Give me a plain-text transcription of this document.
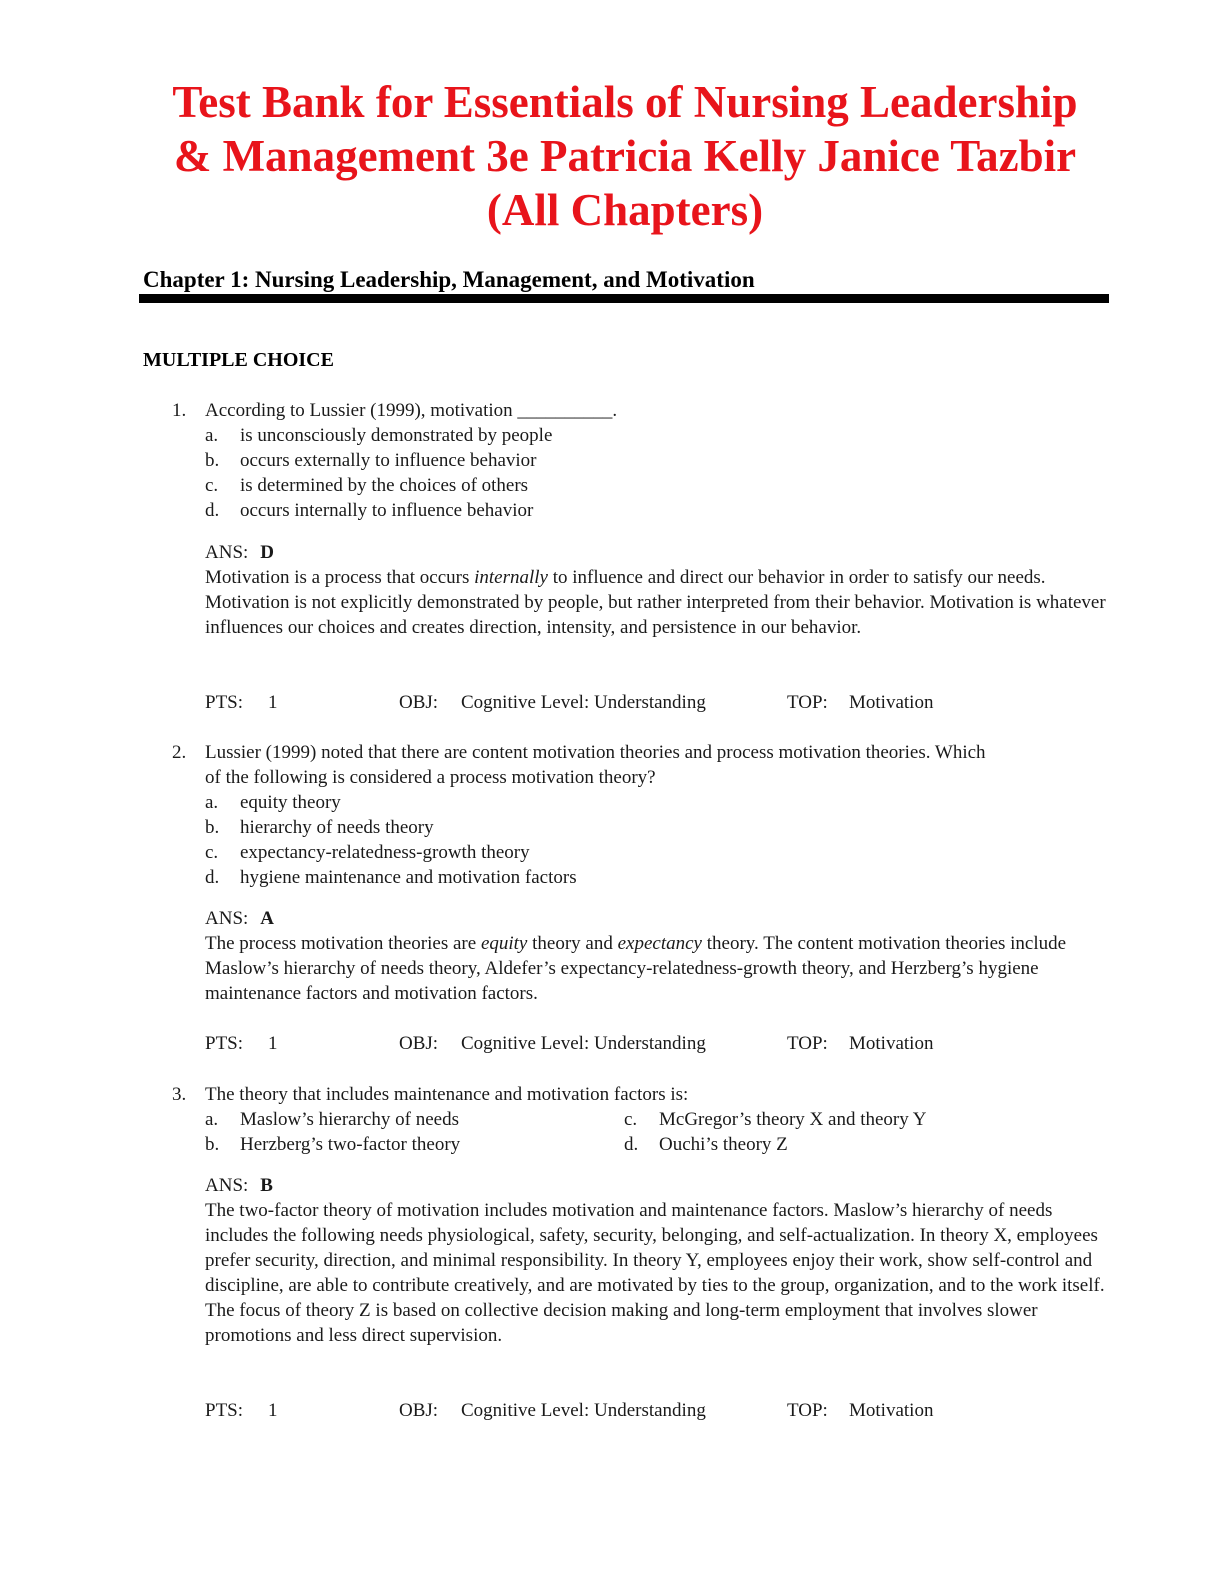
Test Bank for Essentials of Nursing Leadership
& Management 3e Patricia Kelly Janice Tazbir
(All Chapters)
Chapter 1: Nursing Leadership, Management, and Motivation
MULTIPLE CHOICE
1. According to Lussier (1999), motivation __________.
a. is unconsciously demonstrated by people
b. occurs externally to influence behavior
c. is determined by the choices of others
d. occurs internally to influence behavior
ANS: D

Motivation is a process that occurs internally to influence and direct our behavior in order to satisfy our needs. Motivation is not explicitly demonstrated by people, but rather interpreted from their behavior. Motivation is whatever influences our choices and creates direction, intensity, and persistence in our behavior.

PTS: 1	OBJ: Cognitive Level: Understanding	TOP: Motivation
2. Lussier (1999) noted that there are content motivation theories and process motivation theories. Which
of the following is considered a process motivation theory?
a. equity theory
b. hierarchy of needs theory
c. expectancy-relatedness-growth theory
d. hygiene maintenance and motivation factors
ANS: A

The process motivation theories are equity theory and expectancy theory. The content motivation theories include Maslow’s hierarchy of needs theory, Aldefer’s expectancy-relatedness-growth theory, and Herzberg’s hygiene maintenance factors and motivation factors.

PTS: 1	OBJ: Cognitive Level: Understanding	TOP: Motivation
3. The theory that includes maintenance and motivation factors is:
a. Maslow’s hierarchy of needs
b. Herzberg’s two-factor theory
c. McGregor’s theory X and theory Y
d. Ouchi’s theory Z
ANS: B

The two-factor theory of motivation includes motivation and maintenance factors. Maslow’s hierarchy of needs includes the following needs physiological, safety, security, belonging, and self-actualization. In theory X, employees prefer security, direction, and minimal responsibility. In theory Y, employees enjoy their work, show self-control and discipline, are able to contribute creatively, and are motivated by ties to the group, organization, and to the work itself. The focus of theory Z is based on collective decision making and long-term employment that involves slower promotions and less direct supervision.

PTS: 1	OBJ: Cognitive Level: Understanding	TOP: Motivation
